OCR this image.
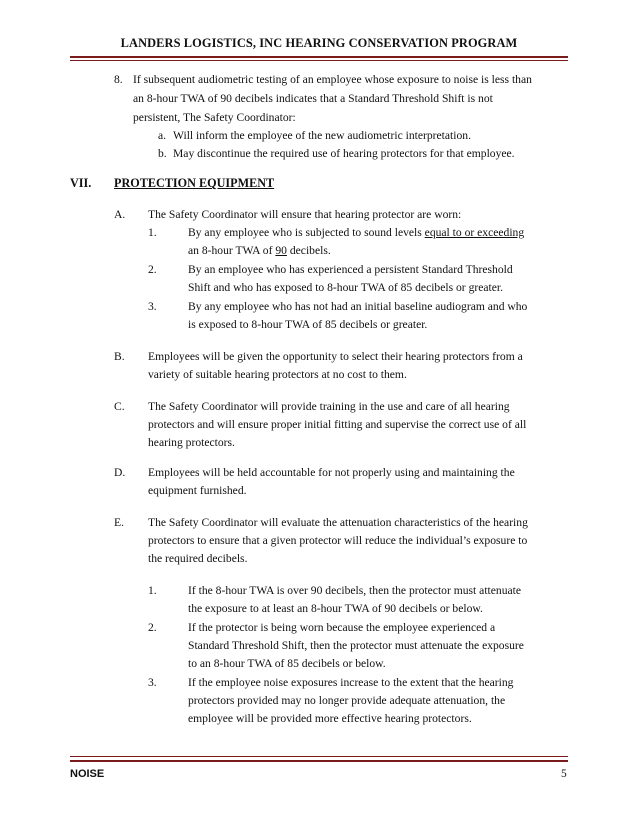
LANDERS LOGISTICS, INC HEARING CONSERVATION PROGRAM
8. If subsequent audiometric testing of an employee whose exposure to noise is less than
an 8-hour TWA of 90 decibels indicates that a Standard Threshold Shift is not
persistent, The Safety Coordinator:
a. Will inform the employee of the new audiometric interpretation.
b. May discontinue the required use of hearing protectors for that employee.
VII. PROTECTION EQUIPMENT
A. The Safety Coordinator will ensure that hearing protector are worn:
1.	By any employee who is subjected to sound levels equal to or exceeding
an 8-hour TWA of 90 decibels.
2.	By an employee who has experienced a persistent Standard Threshold
Shift and who has exposed to 8-hour TWA of 85 decibels or greater.
3.	By any employee who has not had an initial baseline audiogram and who
is exposed to 8-hour TWA of 85 decibels or greater.
B. Employees will be given the opportunity to select their hearing protectors from a
variety of suitable hearing protectors at no cost to them.
C. The Safety Coordinator will provide training in the use and care of all hearing
protectors and will ensure proper initial fitting and supervise the correct use of all
hearing protectors.
D. Employees will be held accountable for not properly using and maintaining the
equipment furnished.
E. The Safety Coordinator will evaluate the attenuation characteristics of the hearing
protectors to ensure that a given protector will reduce the individual’s exposure to
the required decibels.
1.	If the 8-hour TWA is over 90 decibels, then the protector must attenuate
the exposure to at least an 8-hour TWA of 90 decibels or below.
2.	If the protector is being worn because the employee experienced a
Standard Threshold Shift, then the protector must attenuate the exposure
to an 8-hour TWA of 85 decibels or below.
3.	If the employee noise exposures increase to the extent that the hearing
protectors provided may no longer provide adequate attenuation, the
employee will be provided more effective hearing protectors.
NOISE	5
